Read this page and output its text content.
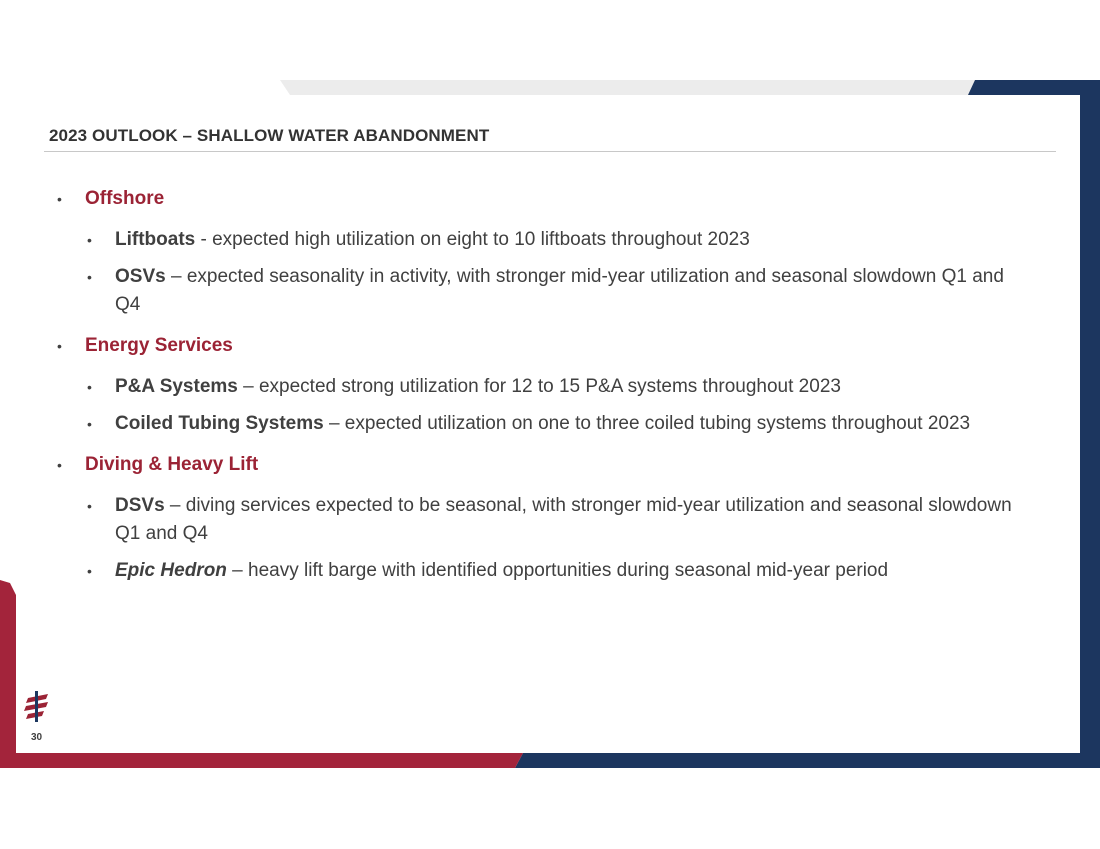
2023 OUTLOOK – SHALLOW WATER ABANDONMENT
• Offshore
• Liftboats - expected high utilization on eight to 10 liftboats throughout 2023
• OSVs – expected seasonality in activity, with stronger mid-year utilization and seasonal slowdown Q1 and Q4
• Energy Services
• P&A Systems – expected strong utilization for 12 to 15 P&A systems throughout 2023
• Coiled Tubing Systems – expected utilization on one to three coiled tubing systems throughout 2023
• Diving & Heavy Lift
• DSVs – diving services expected to be seasonal, with stronger mid-year utilization and seasonal slowdown Q1 and Q4
• Epic Hedron – heavy lift barge with identified opportunities during seasonal mid-year period
30
